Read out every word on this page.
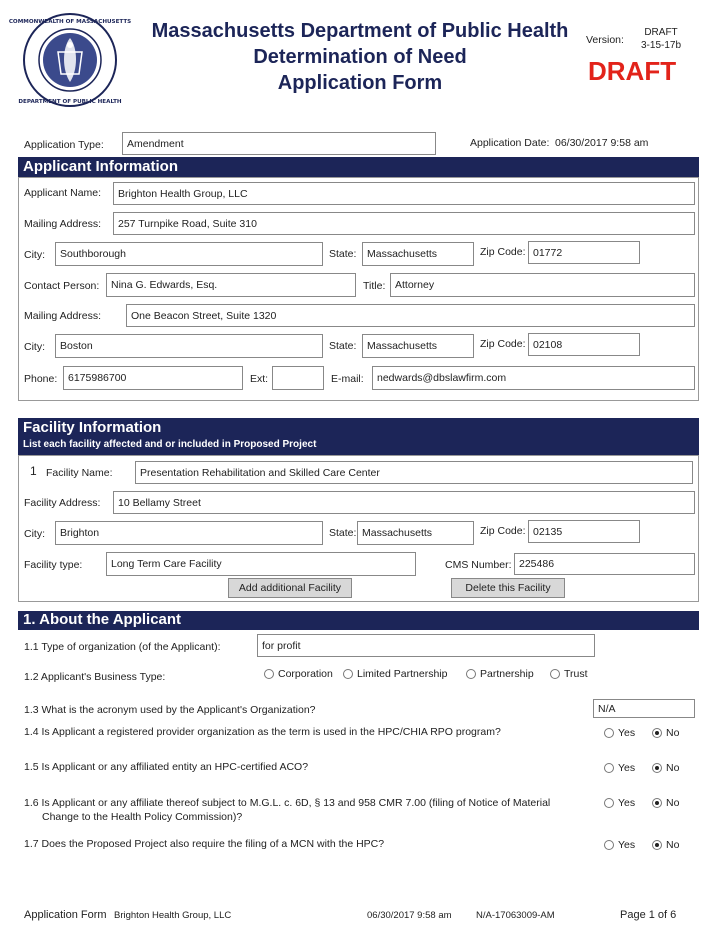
COMMONWEALTH OF MASSACHUSETTS
DEPARTMENT OF PUBLIC HEALTH
Massachusetts Department of Public Health
Determination of Need
Application Form
Version:
DRAFT
3-15-17b
DRAFT
Application Type:	Amendment	Application Date: 06/30/2017 9:58 am
Applicant Information
Applicant Name:	Brighton Health Group, LLC
Mailing Address:	257 Turnpike Road, Suite 310
City:	Southborough	State:	Massachusetts	Zip Code: 01772
Contact Person:	Nina G. Edwards, Esq.	Title: Attorney
Mailing Address:	One Beacon Street, Suite 1320
City:	Boston	State:	Massachusetts	Zip Code: 02108
Phone:	6175986700	Ext:	E-mail:	nedwards@dbslawfirm.com
Facility Information
List each facility affected and or included in Proposed Project
1 Facility Name:	Presentation Rehabilitation and Skilled Care Center
Facility Address:	10 Bellamy Street
City:	Brighton	State: Massachusetts	Zip Code: 02135
Facility type:	Long Term Care Facility	CMS Number: 225486
Add additional Facility	Delete this Facility
1. About the Applicant
1.1 Type of organization (of the Applicant):	for profit
1.2 Applicant's Business Type:	Corporation Limited Partnership	Partnership	Trust
1.3 What is the acronym used by the Applicant's Organization?	N/A
1.4 Is Applicant a registered provider organization as the term is used in the HPC/CHIA RPO program?	Yes	No
1.5 Is Applicant or any affiliated entity an HPC-certified ACO?	Yes	No
1.6 Is Applicant or any affiliate thereof subject to M.G.L. c. 6D, § 13 and 958 CMR 7.00 (filing of Notice of Material
Change to the Health Policy Commission)?
Yes	No
1.7 Does the Proposed Project also require the filing of a MCN with the HPC?	Yes	No
Application Form Brighton Health Group, LLC	06/30/2017 9:58 am	N/A-17063009-AM	Page 1 of 6
